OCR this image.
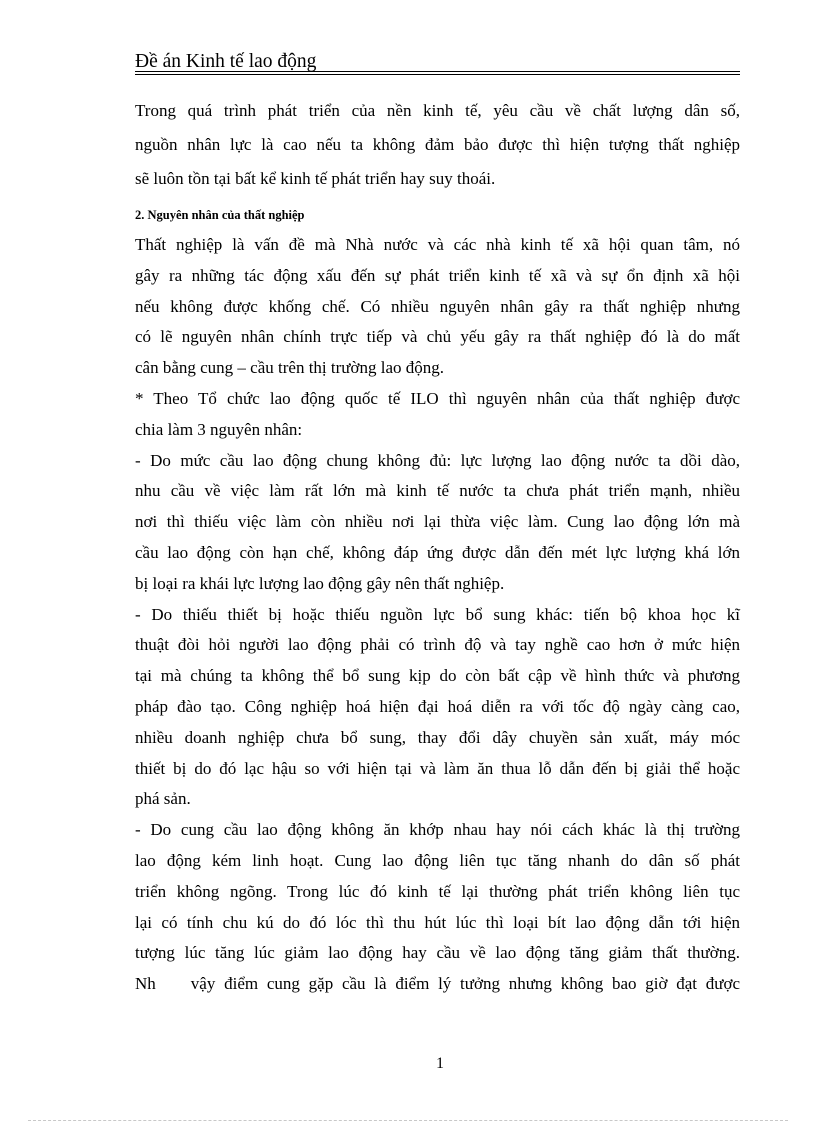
Đề án Kinh tế lao động
Trong quá trình phát triển của nền kinh tế, yêu cầu về chất lượng dân số,
nguồn nhân lực là cao nếu ta không đảm bảo được thì hiện tượng thất nghiệp
sẽ luôn tồn tại bất kể kinh tế phát triển hay suy thoái.
2. Nguyên nhân của thất nghiệp
Thất nghiệp là vấn đề mà Nhà nước và các nhà kinh tế xã hội quan tâm, nó
gây ra những tác động xấu đến sự phát triển kinh tế xã và sự ổn định xã hội
nếu không được khống chế. Có nhiều nguyên nhân gây ra thất nghiệp nhưng
có lẽ nguyên nhân chính trực tiếp và chủ yếu gây ra thất nghiệp đó là do mất
cân bằng cung – cầu trên thị trường lao động.
* Theo Tổ chức lao động quốc tế ILO thì nguyên nhân của thất nghiệp được
chia làm 3 nguyên nhân:
- Do mức cầu lao động chung không đủ: lực lượng lao động nước ta dồi dào,
nhu cầu về việc làm rất lớn mà kinh tế nước ta chưa phát triển mạnh, nhiều
nơi thì thiếu việc làm còn nhiều nơi lại thừa việc làm. Cung lao động lớn mà
cầu lao động còn hạn chế, không đáp ứng được dẫn đến mét lực lượng khá lớn
bị loại ra khái lực lượng lao động gây nên thất nghiệp.
- Do thiếu thiết bị hoặc thiếu nguồn lực bổ sung khác: tiến bộ khoa học kĩ
thuật đòi hỏi người lao động phải có trình độ và tay nghề cao hơn ở mức hiện
tại mà chúng ta không thể bổ sung kịp do còn bất cập về hình thức và phương
pháp đào tạo. Công nghiệp hoá hiện đại hoá diễn ra với tốc độ ngày càng cao,
nhiều doanh nghiệp chưa bổ sung, thay đổi dây chuyền sản xuất, máy móc
thiết bị do đó lạc hậu so với hiện tại và làm ăn thua lỗ dẫn đến bị giải thể hoặc
phá sản.
- Do cung cầu lao động không ăn khớp nhau hay nói cách khác là thị trường
lao động kém linh hoạt. Cung lao động liên tục tăng nhanh do dân số phát
triển không ngõng. Trong lúc đó kinh tế lại thường phát triển không liên tục
lại có tính chu kú do đó lóc thì thu hút lúc thì loại bít lao động dẫn tới hiện
tượng lúc tăng lúc giảm lao động hay cầu về lao động tăng giảm thất thường.
Nh    vậy điểm cung gặp cầu là điểm lý tưởng nhưng không bao giờ đạt được
1
